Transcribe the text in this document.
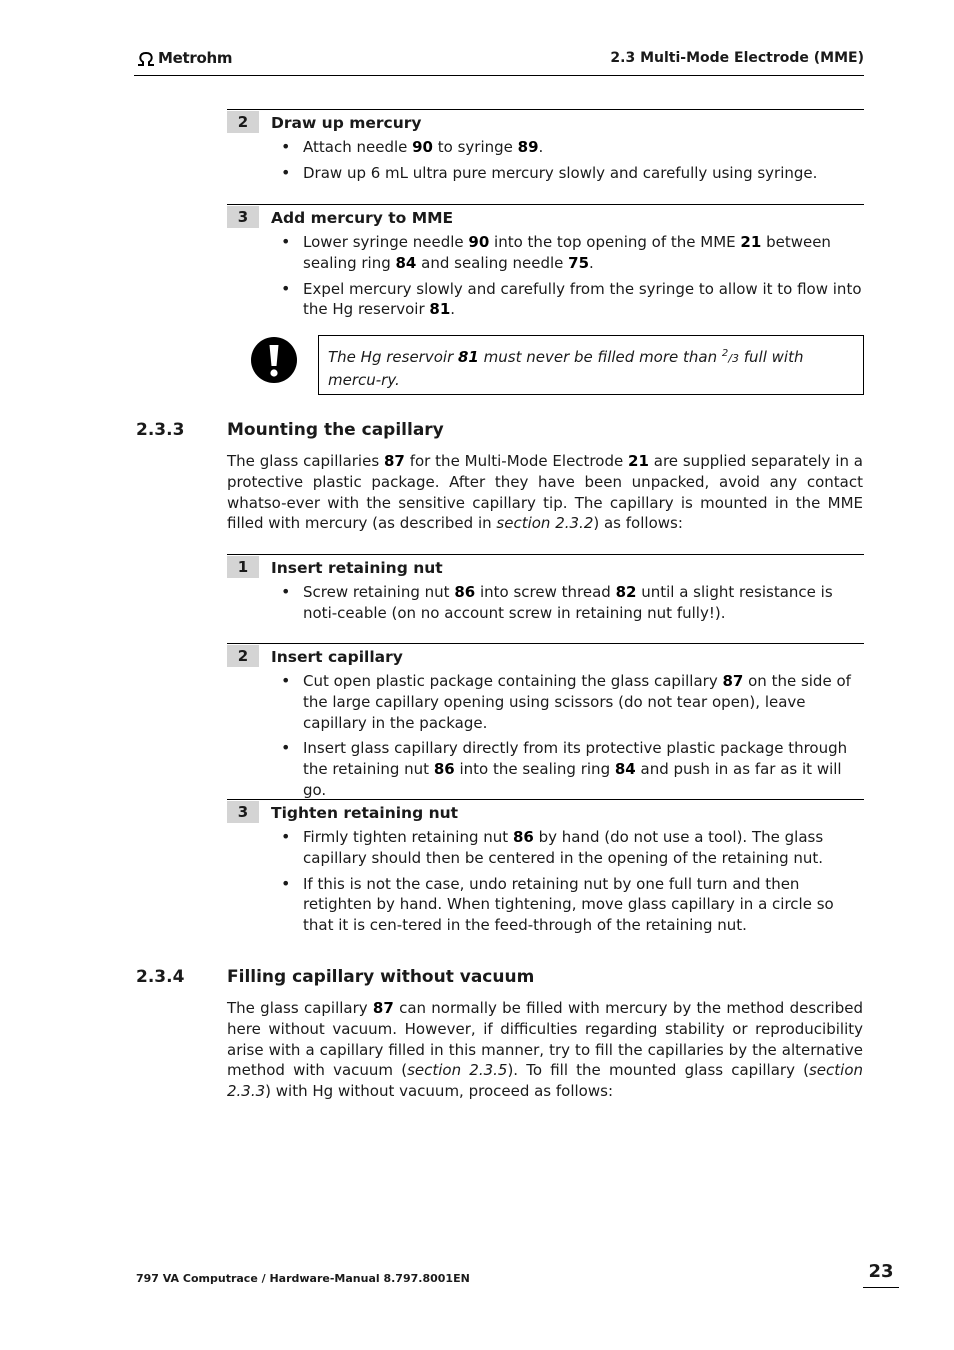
Metrohm	2.3 Multi-Mode Electrode (MME)
2	Draw up mercury
• Attach needle 90 to syringe 89.
• Draw up 6 mL ultra pure mercury slowly and carefully using syringe.
3	Add mercury to MME
• Lower syringe needle 90 into the top opening of the MME 21 between sealing ring 84 and sealing needle 75.
• Expel mercury slowly and carefully from the syringe to allow it to flow into the Hg reservoir 81.
The Hg reservoir 81 must never be filled more than $^2$/3 full with mercu-ry.
2.3.3	Mounting the capillary
The glass capillaries 87 for the Multi-Mode Electrode 21 are supplied separately in a protective plastic package. After they have been unpacked, avoid any contact whatso-ever with the sensitive capillary tip. The capillary is mounted in the MME filled with mercury (as described in section 2.3.2) as follows:
1	Insert retaining nut
• Screw retaining nut 86 into screw thread 82 until a slight resistance is noti-ceable (on no account screw in retaining nut fully!).
2	Insert capillary
• Cut open plastic package containing the glass capillary 87 on the side of the large capillary opening using scissors (do not tear open), leave capillary in the package.
• Insert glass capillary directly from its protective plastic package through the retaining nut 86 into the sealing ring 84 and push in as far as it will go.
3	Tighten retaining nut
• Firmly tighten retaining nut 86 by hand (do not use a tool). The glass capillary should then be centered in the opening of the retaining nut.
• If this is not the case, undo retaining nut by one full turn and then retighten by hand. When tightening, move glass capillary in a circle so that it is cen-tered in the feed-through of the retaining nut.
2.3.4	Filling capillary without vacuum
The glass capillary 87 can normally be filled with mercury by the method described here without vacuum. However, if difficulties regarding stability or reproducibility arise with a capillary filled in this manner, try to fill the capillaries by the alternative method with vacuum (section 2.3.5). To fill the mounted glass capillary (section 2.3.3) with Hg without vacuum, proceed as follows:
797 VA Computrace / Hardware-Manual 8.797.8001EN	23
